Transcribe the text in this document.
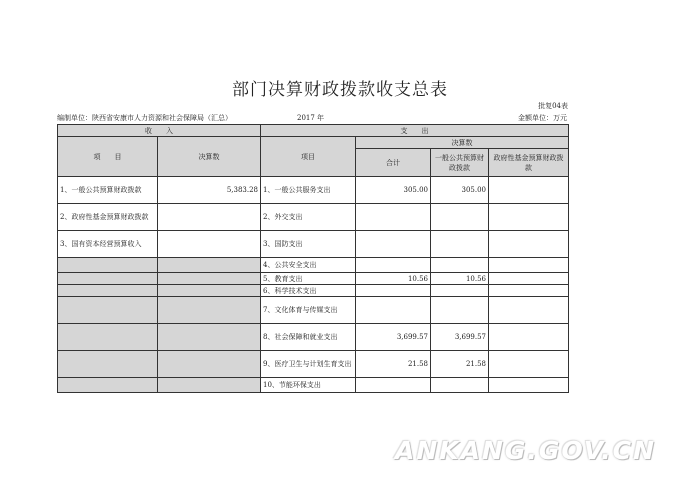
部门决算财政拨款收支总表
批复04表
编制单位：陕西省安康市人力资源和社会保障局（汇总）	2017 年	金额单位：万元
收　　入		支　　出			
项　　目	决算数	项目	决算数		
			合计	一般公共预算财政拨款	政府性基金预算财政拨款
1、一般公共预算财政拨款	5,383.28	1、一般公共服务支出	305.00	305.00	
2、政府性基金预算财政拨款		2、外交支出			
3、国有资本经营预算收入		3、国防支出			
		4、公共安全支出			
		5、教育支出	10.56	10.56	
		6、科学技术支出			
		7、文化体育与传媒支出			
		8、社会保障和就业支出	3,699.57	3,699.57	
		9、医疗卫生与计划生育支出	21.58	21.58	
		10、节能环保支出			
ANKANG.GOV.CN
